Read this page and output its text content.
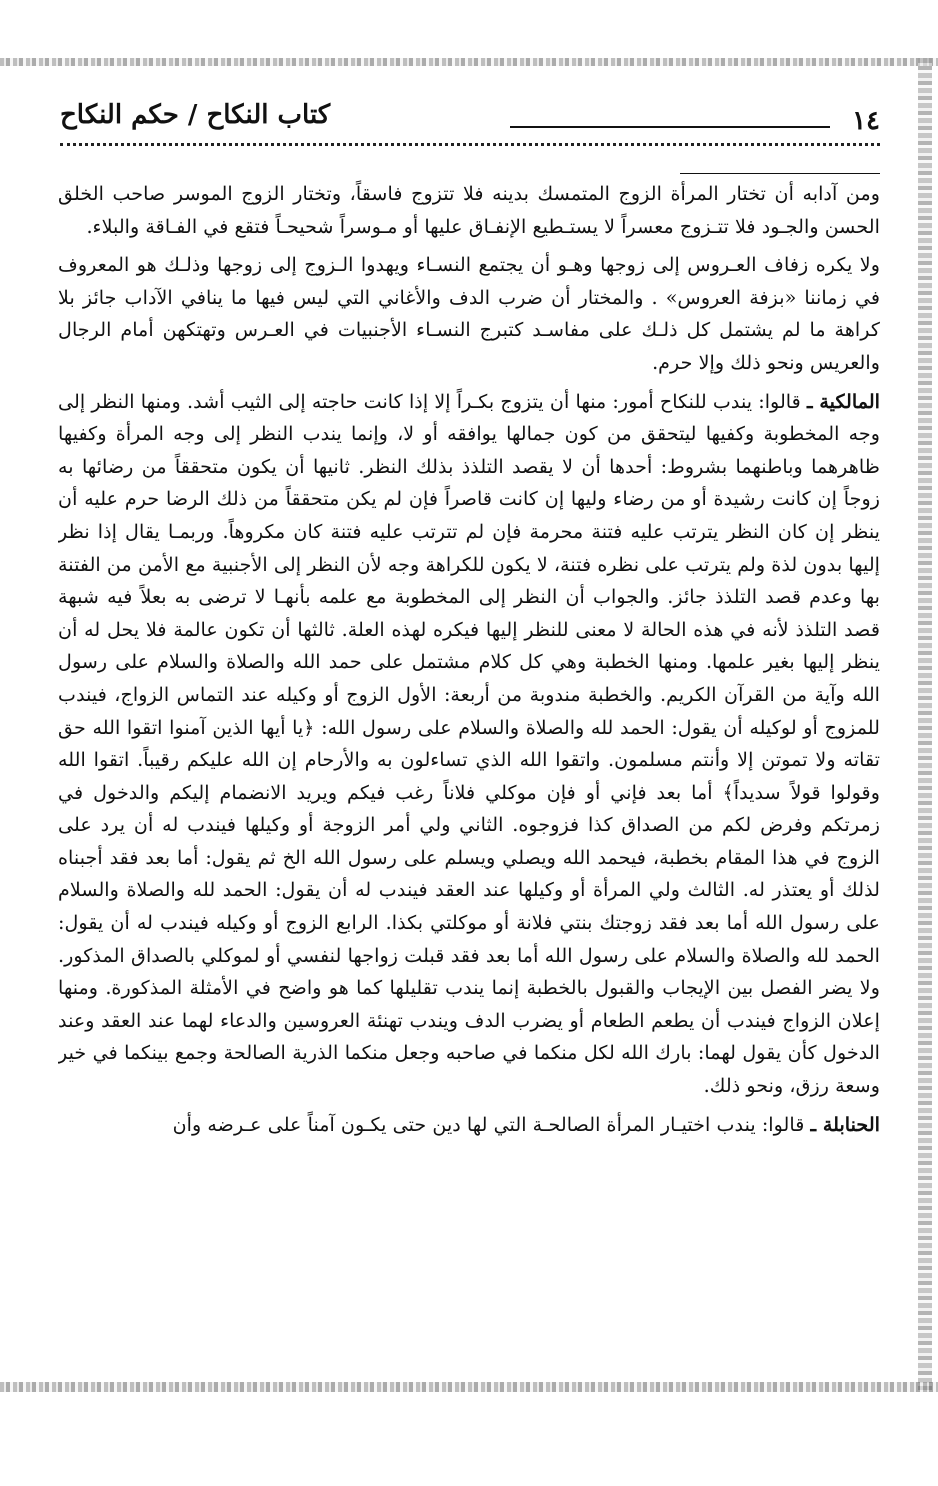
١٤
كتاب النكاح / حكم النكاح

ومن آدابه أن تختار المرأة الزوج المتمسك بدينه فلا تتزوج فاسقاً، وتختار الزوج الموسر صاحب الخلق الحسن والجـود فلا تتـزوج معسراً لا يستـطيع الإنفـاق عليها أو مـوسراً شحيحـاً فتقع في الفـاقة والبلاء.

ولا يكره زفاف العـروس إلى زوجها وهـو أن يجتمع النسـاء ويهدوا الـزوج إلى زوجها وذلـك هو المعروف في زماننا «بزفة العروس» . والمختار أن ضرب الدف والأغاني التي ليس فيها ما ينافي الآداب جائز بلا كراهة ما لم يشتمل كل ذلـك على مفاسـد كتبرج النسـاء الأجنبيات في العـرس وتهتكهن أمام الرجال والعريس ونحو ذلك وإلا حرم.

المالكية ـ قالوا: يندب للنكاح أمور: منها أن يتزوج بكـراً إلا إذا كانت حاجته إلى الثيب أشد. ومنها النظر إلى وجه المخطوبة وكفيها ليتحقق من كون جمالها يوافقه أو لا، وإنما يندب النظر إلى وجه المرأة وكفيها ظاهرهما وباطنهما بشروط: أحدها أن لا يقصد التلذذ بذلك النظر. ثانيها أن يكون متحققاً من رضائها به زوجاً إن كانت رشيدة أو من رضاء وليها إن كانت قاصراً فإن لم يكن متحققاً من ذلك الرضا حرم عليه أن ينظر إن كان النظر يترتب عليه فتنة محرمة فإن لم تترتب عليه فتنة كان مكروهاً. وربمـا يقال إذا نظر إليها بدون لذة ولم يترتب على نظره فتنة، لا يكون للكراهة وجه لأن النظر إلى الأجنبية مع الأمن من الفتنة بها وعدم قصد التلذذ جائز. والجواب أن النظر إلى المخطوبة مع علمه بأنهـا لا ترضى به بعلاً فيه شبهة قصد التلذذ لأنه في هذه الحالة لا معنى للنظر إليها فيكره لهذه العلة. ثالثها أن تكون عالمة فلا يحل له أن ينظر إليها بغير علمها. ومنها الخطبة وهي كل كلام مشتمل على حمد الله والصلاة والسلام على رسول الله وآية من القرآن الكريم. والخطبة مندوبة من أربعة: الأول الزوج أو وكيله عند التماس الزواج، فيندب للمزوج أو لوكيله أن يقول: الحمد لله والصلاة والسلام على رسول الله: ﴿يا أيها الذين آمنوا اتقوا الله حق تقاته ولا تموتن إلا وأنتم مسلمون. واتقوا الله الذي تساءلون به والأرحام إن الله عليكم رقيباً. اتقوا الله وقولوا قولاً سديداً﴾ أما بعد فإني أو فإن موكلي فلاناً رغب فيكم ويريد الانضمام إليكم والدخول في زمرتكم وفرض لكم من الصداق كذا فزوجوه. الثاني ولي أمر الزوجة أو وكيلها فيندب له أن يرد على الزوج في هذا المقام بخطبة، فيحمد الله ويصلي ويسلم على رسول الله الخ ثم يقول: أما بعد فقد أجبناه لذلك أو يعتذر له. الثالث ولي المرأة أو وكيلها عند العقد فيندب له أن يقول: الحمد لله والصلاة والسلام على رسول الله أما بعد فقد زوجتك بنتي فلانة أو موكلتي بكذا. الرابع الزوج أو وكيله فيندب له أن يقول: الحمد لله والصلاة والسلام على رسول الله أما بعد فقد قبلت زواجها لنفسي أو لموكلي بالصداق المذكور. ولا يضر الفصل بين الإيجاب والقبول بالخطبة إنما يندب تقليلها كما هو واضح في الأمثلة المذكورة. ومنها إعلان الزواج فيندب أن يطعم الطعام أو يضرب الدف ويندب تهنئة العروسين والدعاء لهما عند العقد وعند الدخول كأن يقول لهما: بارك الله لكل منكما في صاحبه وجعل منكما الذرية الصالحة وجمع بينكما في خير وسعة رزق، ونحو ذلك.

الحنابلة ـ قالوا: يندب اختيـار المرأة الصالحـة التي لها دين حتى يكـون آمناً على عـرضه وأن
